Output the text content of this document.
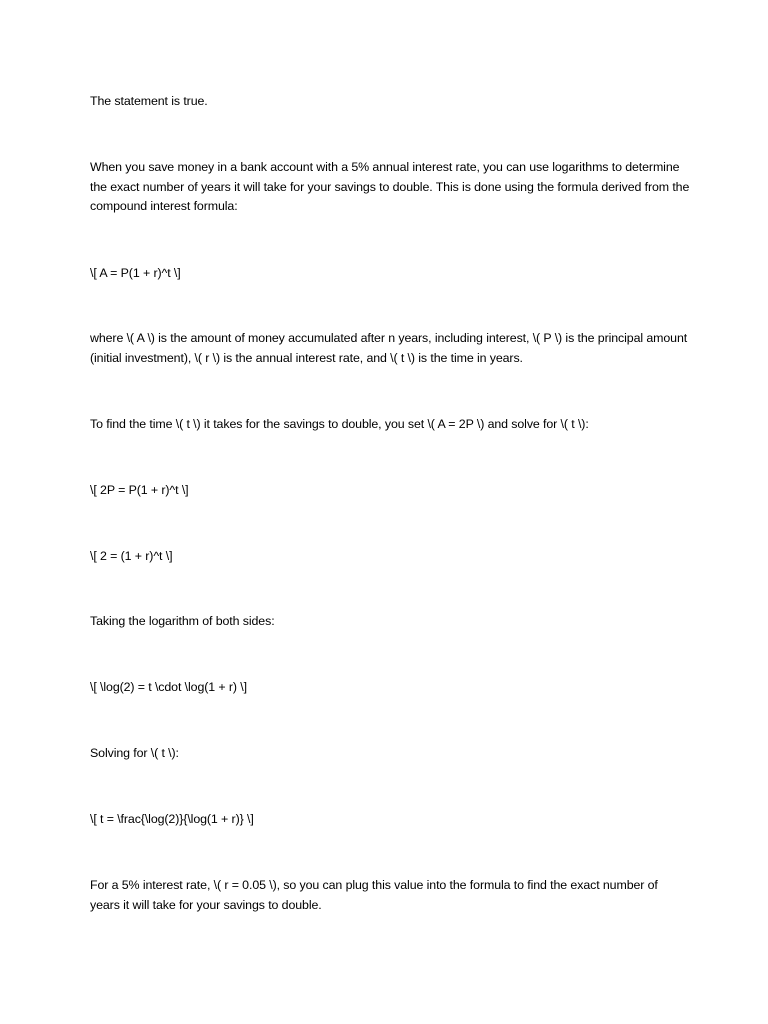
The statement is true.

When you save money in a bank account with a 5% annual interest rate, you can use logarithms to determine the exact number of years it will take for your savings to double. This is done using the formula derived from the compound interest formula:

\[ A = P(1 + r)^t \]

where \( A \) is the amount of money accumulated after n years, including interest, \( P \) is the principal amount (initial investment), \( r \) is the annual interest rate, and \( t \) is the time in years.

To find the time \( t \) it takes for the savings to double, you set \( A = 2P \) and solve for \( t \):

\[ 2P = P(1 + r)^t \]

\[ 2 = (1 + r)^t \]

Taking the logarithm of both sides:

\[ \log(2) = t \cdot \log(1 + r) \]

Solving for \( t \):

\[ t = \frac{\log(2)}{\log(1 + r)} \]

For a 5% interest rate, \( r = 0.05 \), so you can plug this value into the formula to find the exact number of years it will take for your savings to double.
